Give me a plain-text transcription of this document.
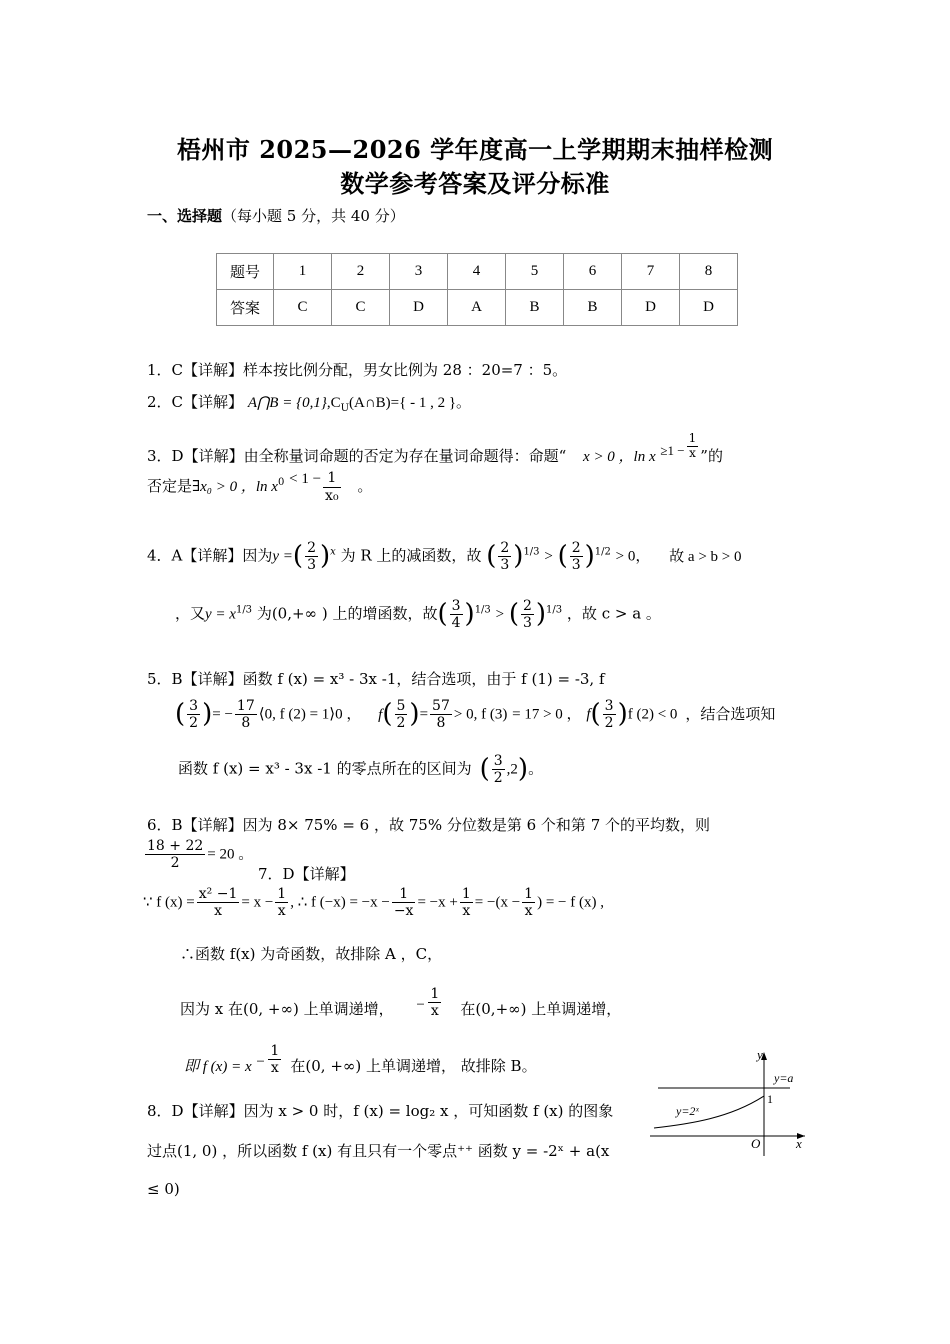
梧州市 2025—2026 学年度高一上学期期末抽样检测
数学参考答案及评分标准
一、选择题（每小题 5 分，共 40 分）
题号	1	2	3	4	5	6	7	8
答案	C	C	D	A	B	B	D	D
1．C【详解】样本按比例分配，男女比例为 28 ：20=7 ：5。
2．C【详解】 A⋂B = $\{0,1\},C_U(A\cap B)=\{ - 1$ , 2 }。
3．D【详解】由全称量词命题的否定为存在量词命题得：命题“ x > 0 ，$\ln x \ge 1 - \frac{1}{x}$ ”的
否定是∃x₀ > 0 ，$\ln x^0 < 1 - \frac{1}{\text{x₀}}$ 。
4．A【详解】因为y =( $\frac{2}{3} )^x$ 为 R 上的减函数，故 ( $\frac{2}{3} )^{1/3}$ > ( $\frac{2}{3} )^{1/2} > 0$， 故 a > b > 0
，又$y = x^{1/3}$ 为(0,+∞ ) 上的增函数，故( $\frac{3}{4} )^{1/3}$ > ( $\frac{2}{3} )^{1/3}$ ，故 c > a 。
5．B【详解】函数 f (x) = x³ - 3x -1，结合选项，由于 f (1) = -3, f
( $\frac{3}{2}$ )= − $\frac{17}{8}$ ⟨0, f (2) = 1⟩0 ， $f( \frac{5}{2}$ )= $\frac{57}{8} > 0$, f (3) = 17 > 0 ， $f( \frac{3}{2} )f$ (2) < 0 ，结合选项知
函数 f (x) = x³ - 3x -1 的零点所在的区间为 ( $\frac{3}{2} ,2$)。
6．B【详解】因为 8× 75% = 6 ，故 75% 分位数是第 6 个和第 7 个的平均数，则
$\frac{18 + 22}{2} = 20$ 。
7．D【详解】
∵ f $(x) = \frac{\text{x² −1}}{x} = x - \frac{1}{x}$ , ∴ f $(-x) = -x - \frac{1}{-x} = -x + \frac{1}{x} = -(x - \frac{1}{x}$ ) = − f (x) ,
∴函数 f(x) 为奇函数，故排除 A ，C，
因为 x 在(0, +∞) 上单调递增， − $\frac{1}{x}$ 在(0,+∞) 上单调递增，
即 f $(x) = x - \frac{1}{x}$ 在(0, +∞) 上单调递增， 故排除 B。
8．D【详解】因为 x > 0 时，f (x) = log₂ x ，可知函数 f (x) 的图象
过点(1, 0) ，所以函数 f (x) 有且只有一个零点⁺⁺ 函数 y = -2ˣ + a(x
≤ 0)
y
x
O
1
y=a
y=2ˣ
